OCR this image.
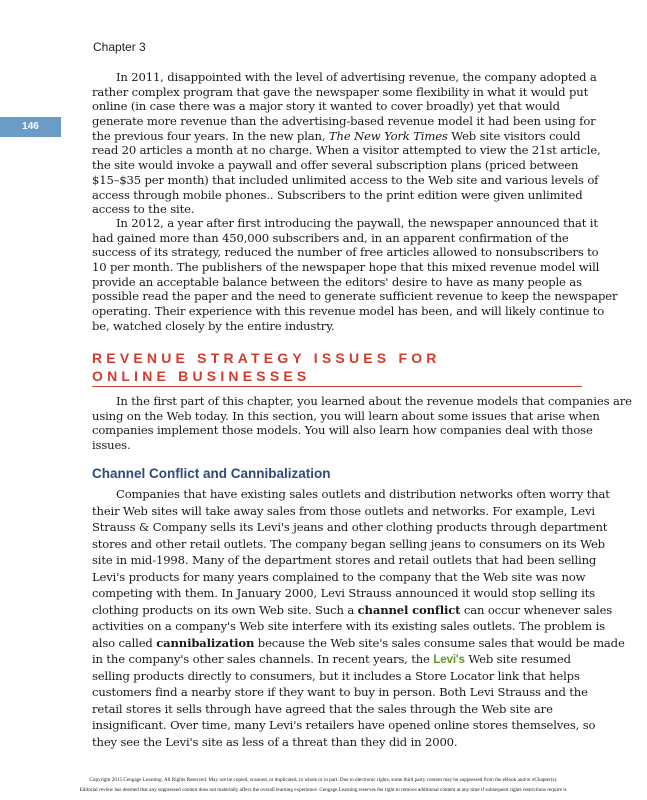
Chapter 3
146
In 2011, disappointed with the level of advertising revenue, the company adopted a
rather complex program that gave the newspaper some flexibility in what it would put
online (in case there was a major story it wanted to cover broadly) yet that would
generate more revenue than the advertising-based revenue model it had been using for
the previous four years. In the new plan, The New York Times Web site visitors could
read 20 articles a month at no charge. When a visitor attempted to view the 21st article,
the site would invoke a paywall and offer several subscription plans (priced between
$15–$35 per month) that included unlimited access to the Web site and various levels of
access through mobile phones.. Subscribers to the print edition were given unlimited
access to the site.
In 2012, a year after first introducing the paywall, the newspaper announced that it
had gained more than 450,000 subscribers and, in an apparent confirmation of the
success of its strategy, reduced the number of free articles allowed to nonsubscribers to
10 per month. The publishers of the newspaper hope that this mixed revenue model will
provide an acceptable balance between the editors' desire to have as many people as
possible read the paper and the need to generate sufficient revenue to keep the newspaper
operating. Their experience with this revenue model has been, and will likely continue to
be, watched closely by the entire industry.
REVENUE STRATEGY ISSUES FOR
ONLINE BUSINESSES
In the first part of this chapter, you learned about the revenue models that companies are
using on the Web today. In this section, you will learn about some issues that arise when
companies implement those models. You will also learn how companies deal with those
issues.
Channel Conflict and Cannibalization
Companies that have existing sales outlets and distribution networks often worry that
their Web sites will take away sales from those outlets and networks. For example, Levi
Strauss & Company sells its Levi's jeans and other clothing products through department
stores and other retail outlets. The company began selling jeans to consumers on its Web
site in mid-1998. Many of the department stores and retail outlets that had been selling
Levi's products for many years complained to the company that the Web site was now
competing with them. In January 2000, Levi Strauss announced it would stop selling its
clothing products on its own Web site. Such a channel conflict can occur whenever sales
activities on a company's Web site interfere with its existing sales outlets. The problem is
also called cannibalization because the Web site's sales consume sales that would be made
in the company's other sales channels. In recent years, the Levi's Web site resumed
selling products directly to consumers, but it includes a Store Locator link that helps
customers find a nearby store if they want to buy in person. Both Levi Strauss and the
retail stores it sells through have agreed that the sales through the Web site are
insignificant. Over time, many Levi's retailers have opened online stores themselves, so
they see the Levi's site as less of a threat than they did in 2000.
Copyright 2015 Cengage Learning. All Rights Reserved. May not be copied, scanned, or duplicated, in whole or in part. Due to electronic rights, some third party content may be suppressed from the eBook and/or eChapter(s).
Editorial review has deemed that any suppressed content does not materially affect the overall learning experience. Cengage Learning reserves the right to remove additional content at any time if subsequent rights restrictions require it.
